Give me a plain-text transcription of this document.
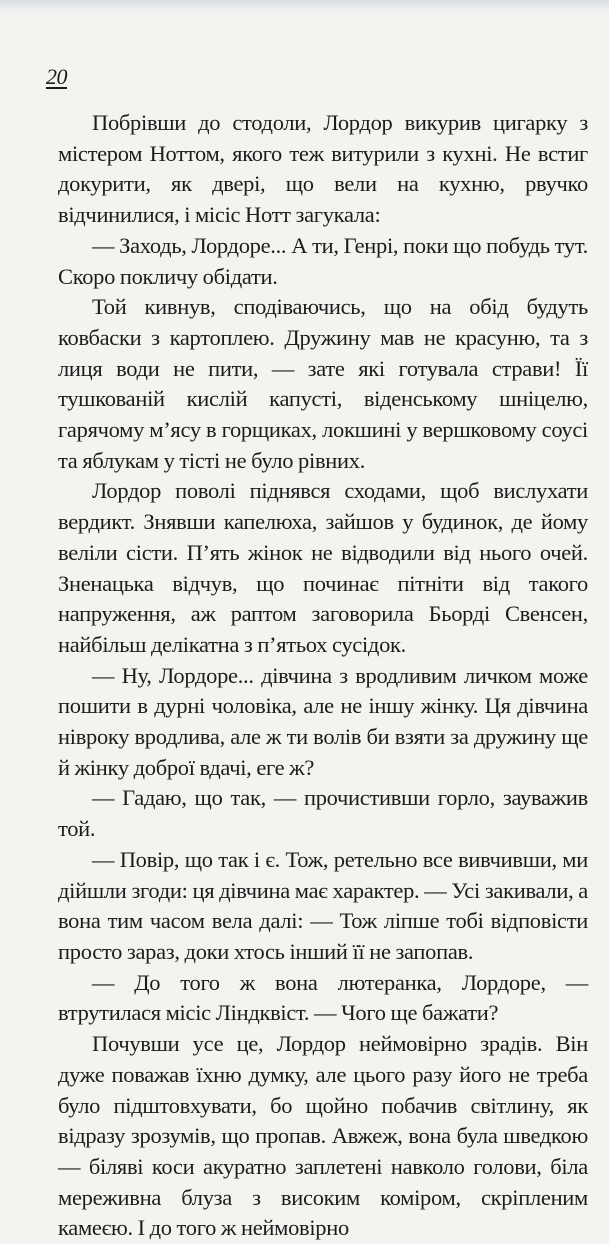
20

Побрівши до стодоли, Лордор викурив цигарку з містером Ноттом, якого теж витурили з кухні. Не встиг докурити, як двері, що вели на кухню, рвучко відчинилися, і місіс Нотт загукала:

— Заходь, Лордоре... А ти, Генрі, поки що побудь тут. Скоро покличу обідати.

Той кивнув, сподіваючись, що на обід будуть ковбаски з картоплею. Дружину мав не красуню, та з лиця води не пити, — зате які готувала страви! Її тушкованій кислій капусті, віденському шніцелю, гарячому м’ясу в горщиках, локшині у вершковому соусі та яблукам у тісті не було рівних.

Лордор поволі піднявся сходами, щоб вислухати вердикт. Знявши капелюха, зайшов у будинок, де йому веліли сісти. П’ять жінок не відводили від нього очей. Зненацька відчув, що починає пітніти від такого напруження, аж раптом заговорила Бьорді Свенсен, найбільш делікатна з п’ятьох сусідок.

— Ну, Лордоре... дівчина з вродливим личком може пошити в дурні чоловіка, але не іншу жінку. Ця дівчина нівроку вродлива, але ж ти волів би взяти за дружину ще й жінку доброї вдачі, еге ж?

— Гадаю, що так, — прочистивши горло, зауважив той.

— Повір, що так і є. Тож, ретельно все вивчивши, ми дійшли згоди: ця дівчина має характер. — Усі закивали, а вона тим часом вела далі: — Тож ліпше тобі відповісти просто зараз, доки хтось інший її не запопав.

— До того ж вона лютеранка, Лордоре, — втрутилася місіс Ліндквіст. — Чого ще бажати?

Почувши усе це, Лордор неймовірно зрадів. Він дуже поважав їхню думку, але цього разу його не треба було підштовхувати, бо щойно побачив світлину, як відразу зрозумів, що пропав. Авжеж, вона була шведкою — біляві коси акуратно заплетені навколо голови, біла мереживна блуза з високим коміром, скріпленим камеєю. І до того ж неймовірно
